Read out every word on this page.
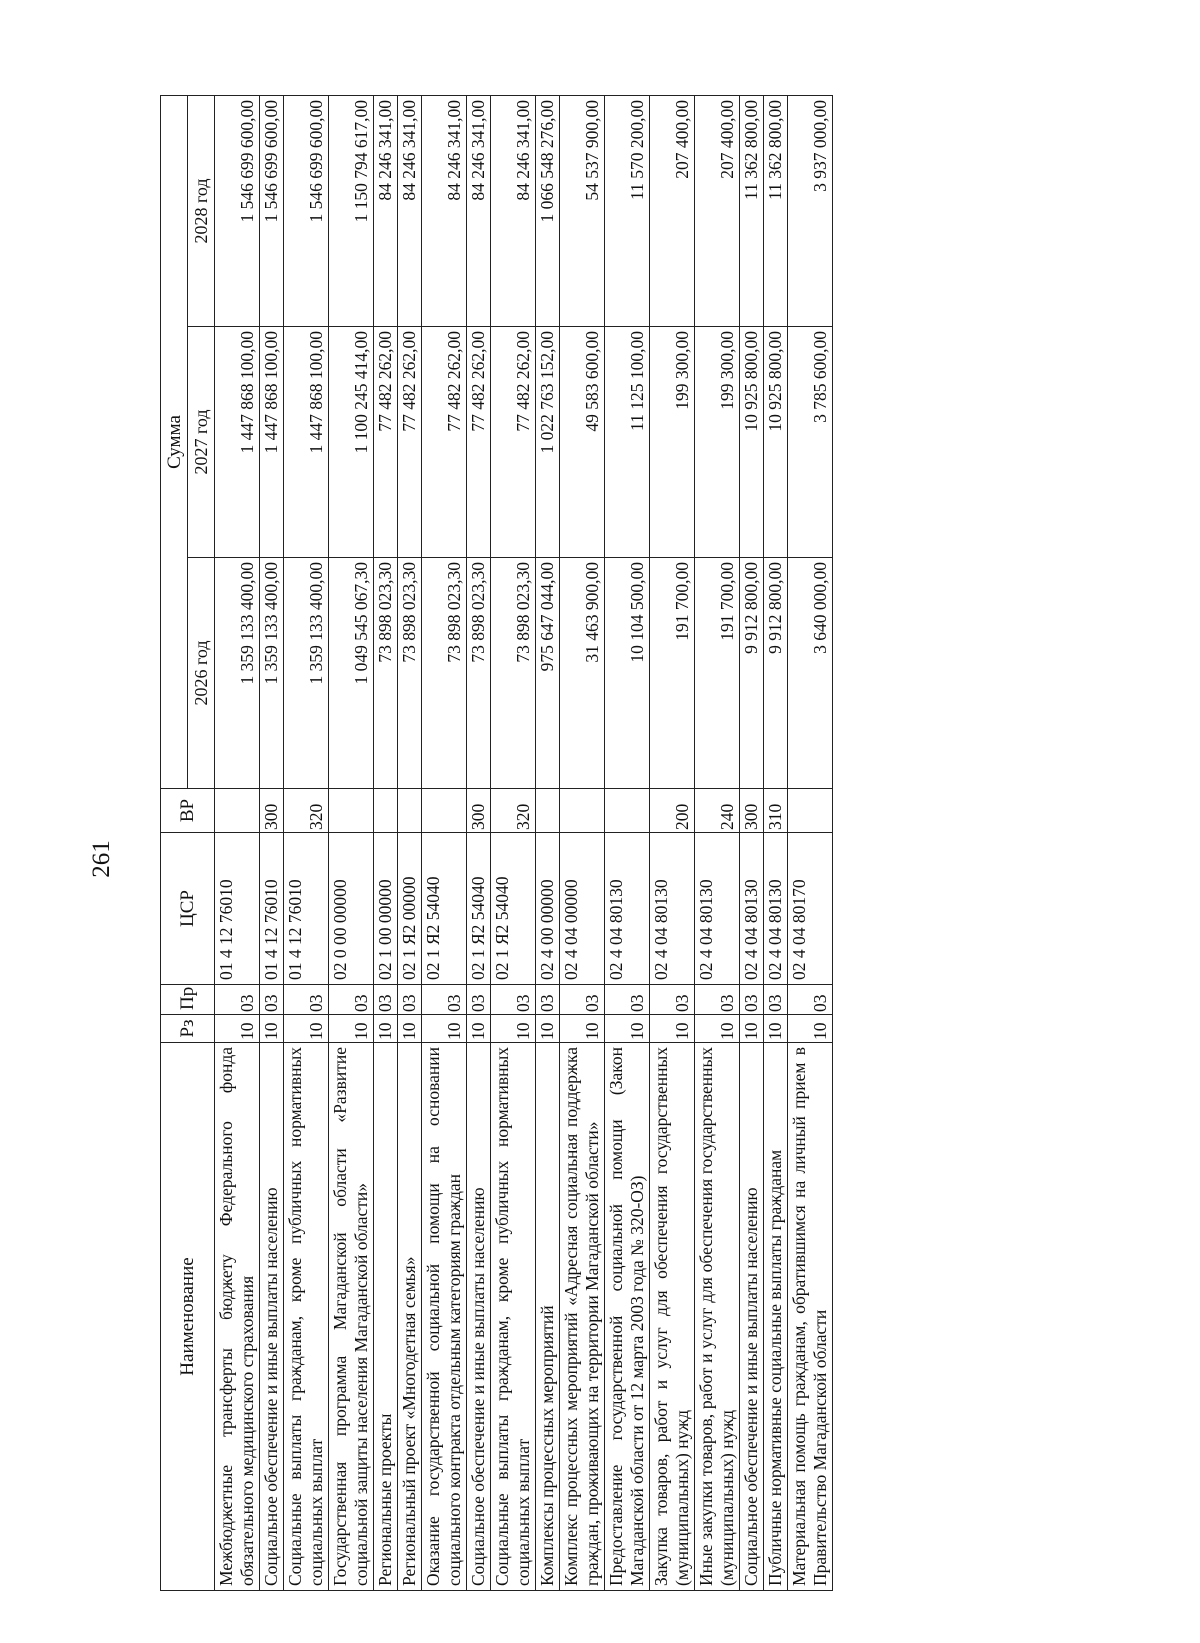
261
Наименование	Рз	Пр	ЦСР	ВР	Сумма		
					2026 год	2027 год	2028 год
Межбюджетные трансферты бюджету Федерального фонда обязательного медицинского страхования	10	03	01 4 12 76010		1 359 133 400,00	1 447 868 100,00	1 546 699 600,00
Социальное обеспечение и иные выплаты населению	10	03	01 4 12 76010	300	1 359 133 400,00	1 447 868 100,00	1 546 699 600,00
Социальные выплаты гражданам, кроме публичных нормативных социальных выплат	10	03	01 4 12 76010	320	1 359 133 400,00	1 447 868 100,00	1 546 699 600,00
Государственная программа Магаданской области «Развитие социальной защиты населения Магаданской области»	10	03	02 0 00 00000		1 049 545 067,30	1 100 245 414,00	1 150 794 617,00
Региональные проекты	10	03	02 1 00 00000		73 898 023,30	77 482 262,00	84 246 341,00
Региональный проект «Многодетная семья»	10	03	02 1 Я2 00000		73 898 023,30	77 482 262,00	84 246 341,00
Оказание государственной социальной помощи на основании социального контракта отдельным категориям граждан	10	03	02 1 Я2 54040		73 898 023,30	77 482 262,00	84 246 341,00
Социальное обеспечение и иные выплаты населению	10	03	02 1 Я2 54040	300	73 898 023,30	77 482 262,00	84 246 341,00
Социальные выплаты гражданам, кроме публичных нормативных социальных выплат	10	03	02 1 Я2 54040	320	73 898 023,30	77 482 262,00	84 246 341,00
Комплексы процессных мероприятий	10	03	02 4 00 00000		975 647 044,00	1 022 763 152,00	1 066 548 276,00
Комплекс процессных мероприятий «Адресная социальная поддержка граждан, проживающих на территории Магаданской области»	10	03	02 4 04 00000		31 463 900,00	49 583 600,00	54 537 900,00
Предоставление государственной социальной помощи (Закон Магаданской области от 12 марта 2003 года № 320-ОЗ)	10	03	02 4 04 80130		10 104 500,00	11 125 100,00	11 570 200,00
Закупка товаров, работ и услуг для обеспечения государственных (муниципальных) нужд	10	03	02 4 04 80130	200	191 700,00	199 300,00	207 400,00
Иные закупки товаров, работ и услуг для обеспечения государственных (муниципальных) нужд	10	03	02 4 04 80130	240	191 700,00	199 300,00	207 400,00
Социальное обеспечение и иные выплаты населению	10	03	02 4 04 80130	300	9 912 800,00	10 925 800,00	11 362 800,00
Публичные нормативные социальные выплаты гражданам	10	03	02 4 04 80130	310	9 912 800,00	10 925 800,00	11 362 800,00
Материальная помощь гражданам, обратившимся на личный прием в Правительство Магаданской области	10	03	02 4 04 80170		3 640 000,00	3 785 600,00	3 937 000,00
